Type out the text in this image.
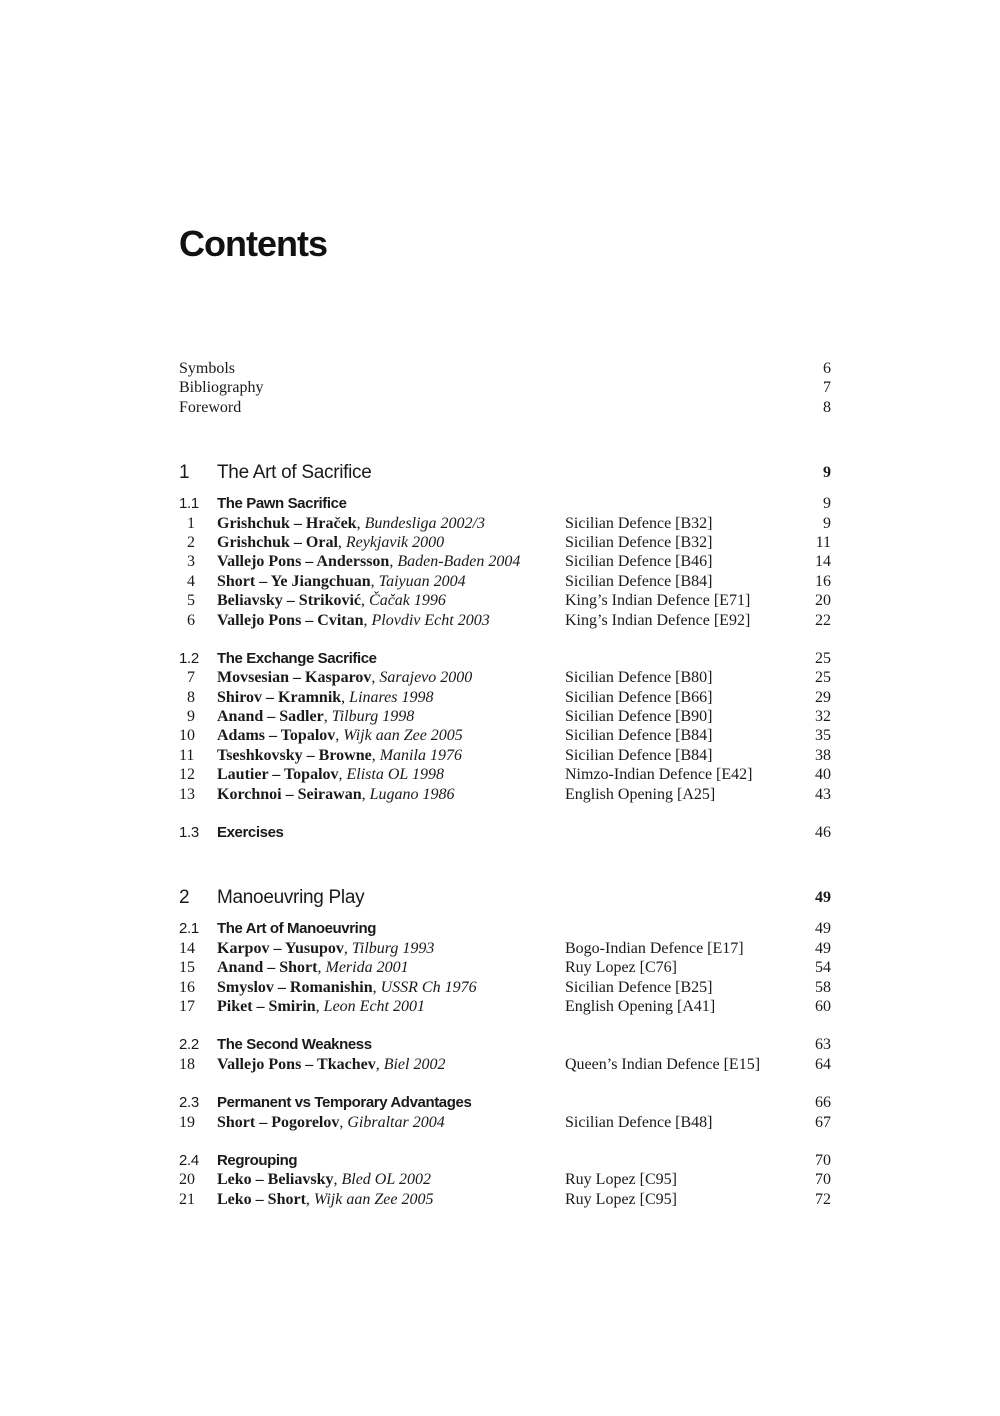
Contents
Symbols	6
Bibliography	7
Foreword	8
1 The Art of Sacrifice	9
1.1 The Pawn Sacrifice	9
1 Grishchuk – Hraček, Bundesliga 2002/3	Sicilian Defence [B32]	9
2 Grishchuk – Oral, Reykjavik 2000	Sicilian Defence [B32]	11
3 Vallejo Pons – Andersson, Baden-Baden 2004	Sicilian Defence [B46]	14
4 Short – Ye Jiangchuan, Taiyuan 2004	Sicilian Defence [B84]	16
5 Beliavsky – Striković, Čačak 1996	King’s Indian Defence [E71]	20
6 Vallejo Pons – Cvitan, Plovdiv Echt 2003	King’s Indian Defence [E92]	22
1.2 The Exchange Sacrifice	25
7 Movsesian – Kasparov, Sarajevo 2000	Sicilian Defence [B80]	25
8 Shirov – Kramnik, Linares 1998	Sicilian Defence [B66]	29
9 Anand – Sadler, Tilburg 1998	Sicilian Defence [B90]	32
10	Adams – Topalov, Wijk aan Zee 2005	Sicilian Defence [B84]	35
11	Tseshkovsky – Browne, Manila 1976	Sicilian Defence [B84]	38
12	Lautier – Topalov, Elista OL 1998	Nimzo-Indian Defence [E42]	40
13	Korchnoi – Seirawan, Lugano 1986	English Opening [A25]	43
1.3 Exercises	46
2 Manoeuvring Play	49
2.1 The Art of Manoeuvring	49
14	Karpov – Yusupov, Tilburg 1993	Bogo-Indian Defence [E17]	49
15	Anand – Short, Merida 2001	Ruy Lopez [C76]	54
16	Smyslov – Romanishin, USSR Ch 1976	Sicilian Defence [B25]	58
17	Piket – Smirin, Leon Echt 2001	English Opening [A41]	60
2.2 The Second Weakness	63
18	Vallejo Pons – Tkachev, Biel 2002	Queen’s Indian Defence [E15]	64
2.3 Permanent vs Temporary Advantages	66
19	Short – Pogorelov, Gibraltar 2004	Sicilian Defence [B48]	67
2.4 Regrouping	70
20	Leko – Beliavsky, Bled OL 2002	Ruy Lopez [C95]	70
21	Leko – Short, Wijk aan Zee 2005	Ruy Lopez [C95]	72
